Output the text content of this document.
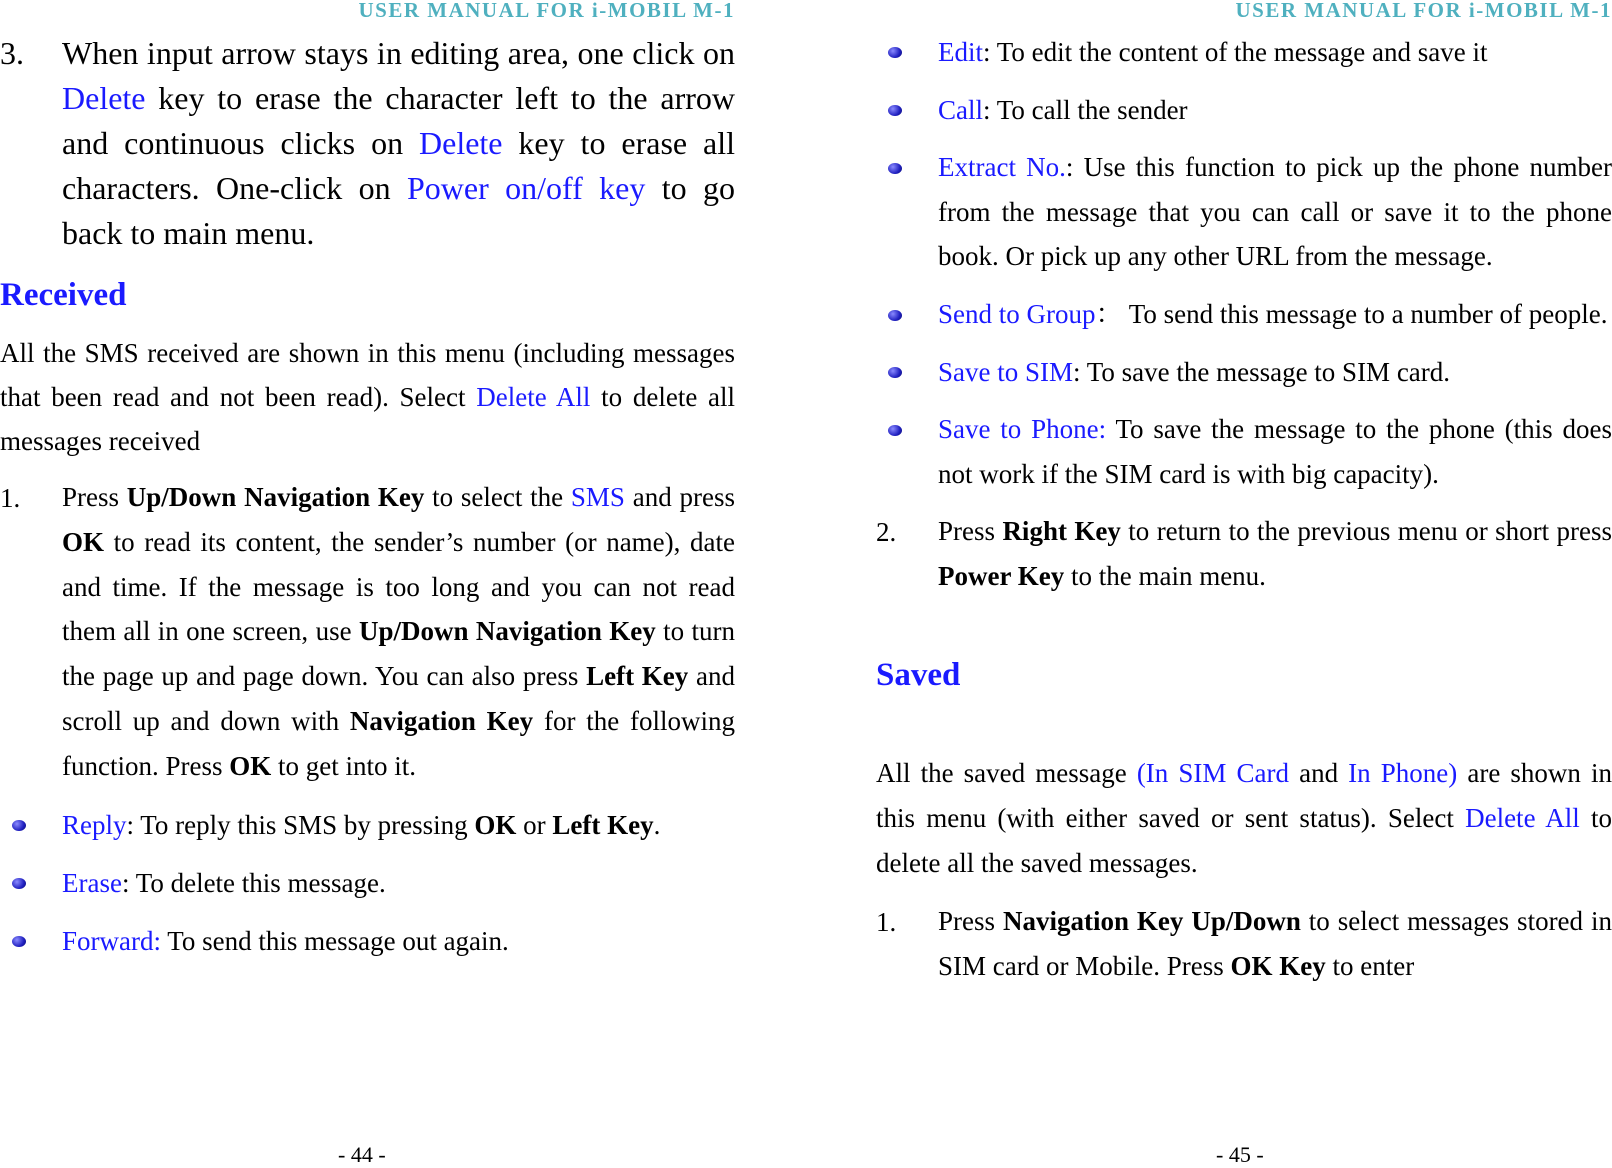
USER MANUAL FOR i-MOBIL M-1
3. When input arrow stays in editing area, one click on Delete key to erase the character left to the arrow and continuous clicks on Delete key to erase all characters. One-click on Power on/off key to go back to main menu.

Received

All the SMS received are shown in this menu (including messages that been read and not been read). Select Delete All to delete all messages received

1. Press Up/Down Navigation Key to select the SMS and press OK to read its content, the sender’s number (or name), date and time. If the message is too long and you can not read them all in one screen, use Up/Down Navigation Key to turn the page up and page down. You can also press Left Key and scroll up and down with Navigation Key for the following function. Press OK to get into it.

Reply: To reply this SMS by pressing OK or Left Key.

Erase: To delete this message.

Forward: To send this message out again.

- 44 -
USER MANUAL FOR i-MOBIL M-1

Edit: To edit the content of the message and save it

Call: To call the sender

Extract No.: Use this function to pick up the phone number from the message that you can call or save it to the phone book. Or pick up any other URL from the message.

Send to Group： To send this message to a number of people.

Save to SIM: To save the message to SIM card.

Save to Phone: To save the message to the phone (this does not work if the SIM card is with big capacity).

2. Press Right Key to return to the previous menu or short press Power Key to the main menu.

Saved

All the saved message (In SIM Card and In Phone) are shown in this menu (with either saved or sent status). Select Delete All to delete all the saved messages.

1. Press Navigation Key Up/Down to select messages stored in SIM card or Mobile. Press OK Key to enter

- 45 -
